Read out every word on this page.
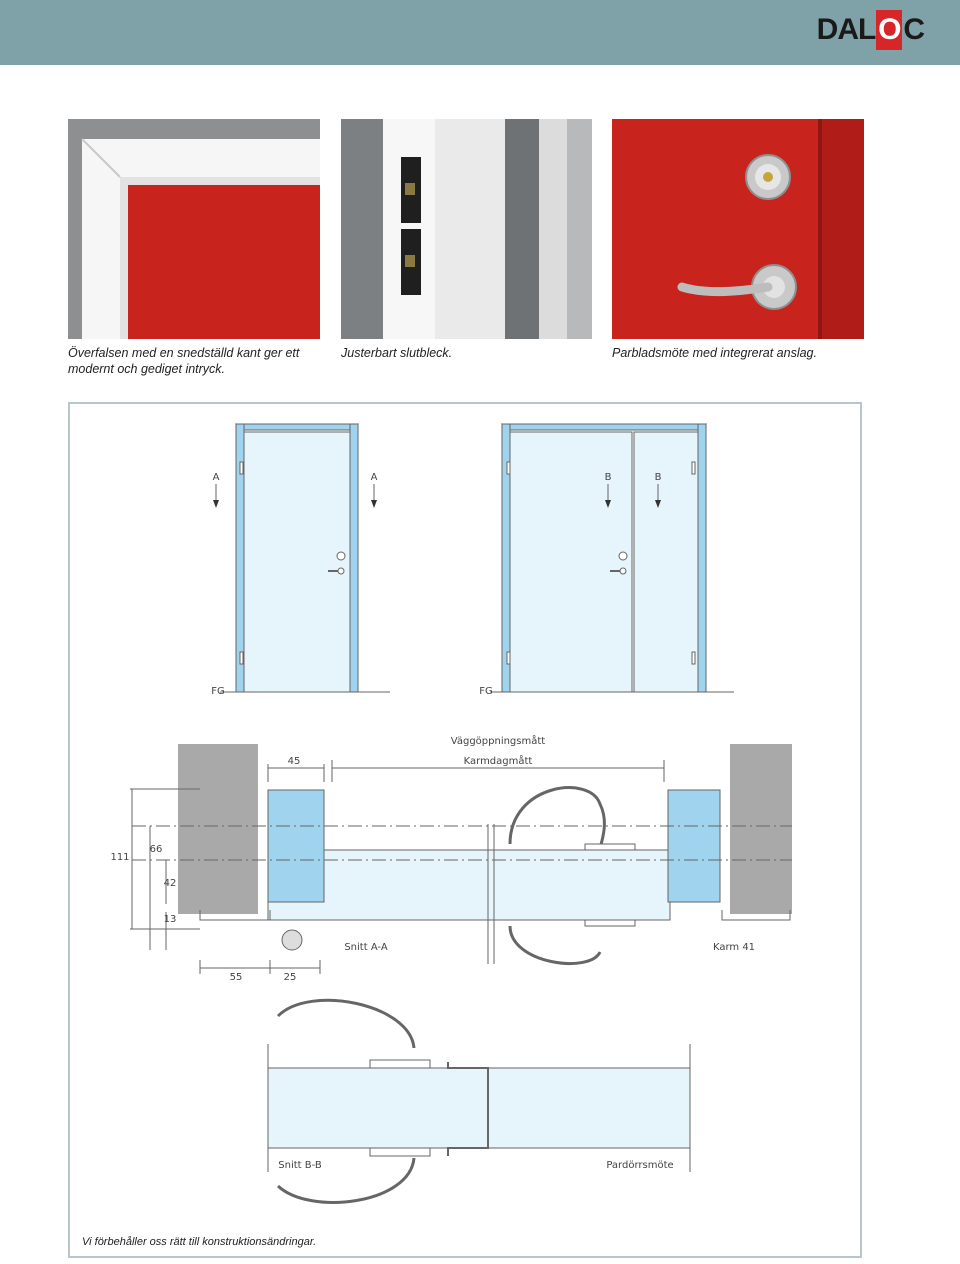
DAL O C
Överfalsen med en snedställd kant ger ett modernt och gediget intryck.
Justerbart slutbleck.	Parbladsmöte med integrerat anslag.
A	A
FG
B	B
FG
Väggöppningsmått
Karmdagmått
45
111
66
42
13
55	25
Snitt A-A	Karm 41
Snitt B-B	Pardörrsmöte
Vi förbehåller oss rätt till konstruktionsändringar.
